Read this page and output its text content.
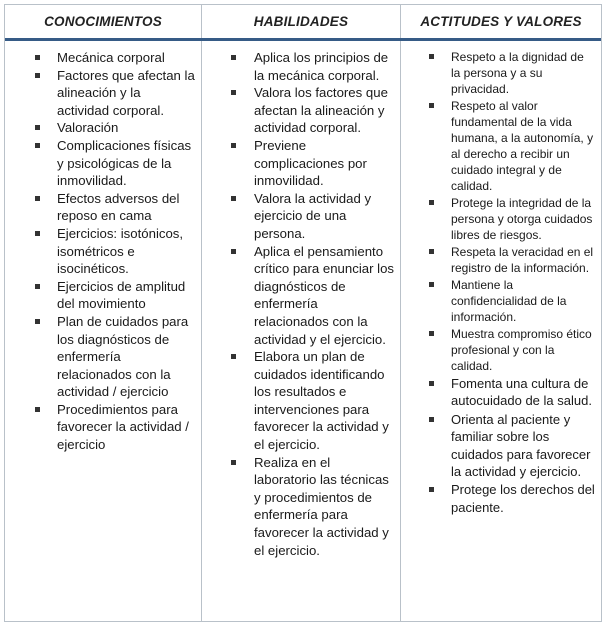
CONOCIMIENTOS	HABILIDADES	ACTITUDES Y VALORES
Mecánica corporal
Factores que afectan la alineación y la actividad corporal.
Valoración
Complicaciones físicas y psicológicas de la inmovilidad.
Efectos adversos del reposo en cama
Ejercicios: isotónicos, isométricos e isocinéticos.
Ejercicios de amplitud del movimiento
Plan de cuidados para los diagnósticos de enfermería relacionados con la actividad / ejercicio
Procedimientos para favorecer la actividad / ejercicio
Aplica los principios de la mecánica corporal.
Valora los factores que afectan la alineación y actividad corporal.
Previene complicaciones por inmovilidad.
Valora la actividad y ejercicio de una persona.
Aplica el pensamiento crítico para enunciar los diagnósticos de enfermería relacionados con la actividad y el ejercicio.
Elabora un plan de cuidados identificando los resultados e intervenciones para favorecer la actividad y el ejercicio.
Realiza en el laboratorio las técnicas y procedimientos de enfermería para favorecer la actividad y el ejercicio.
Respeto a la dignidad de la persona y a su privacidad.
Respeto al valor fundamental de la vida humana, a la autonomía, y al derecho a recibir un cuidado integral y de calidad.
Protege la integridad de la persona y otorga cuidados libres de riesgos.
Respeta la veracidad en el registro de la información.
Mantiene la confidencialidad de la información.
Muestra compromiso ético profesional y con la calidad.
Fomenta una cultura de autocuidado de la salud.
Orienta al paciente y familiar sobre los cuidados para favorecer la actividad y ejercicio.
Protege los derechos del paciente.
